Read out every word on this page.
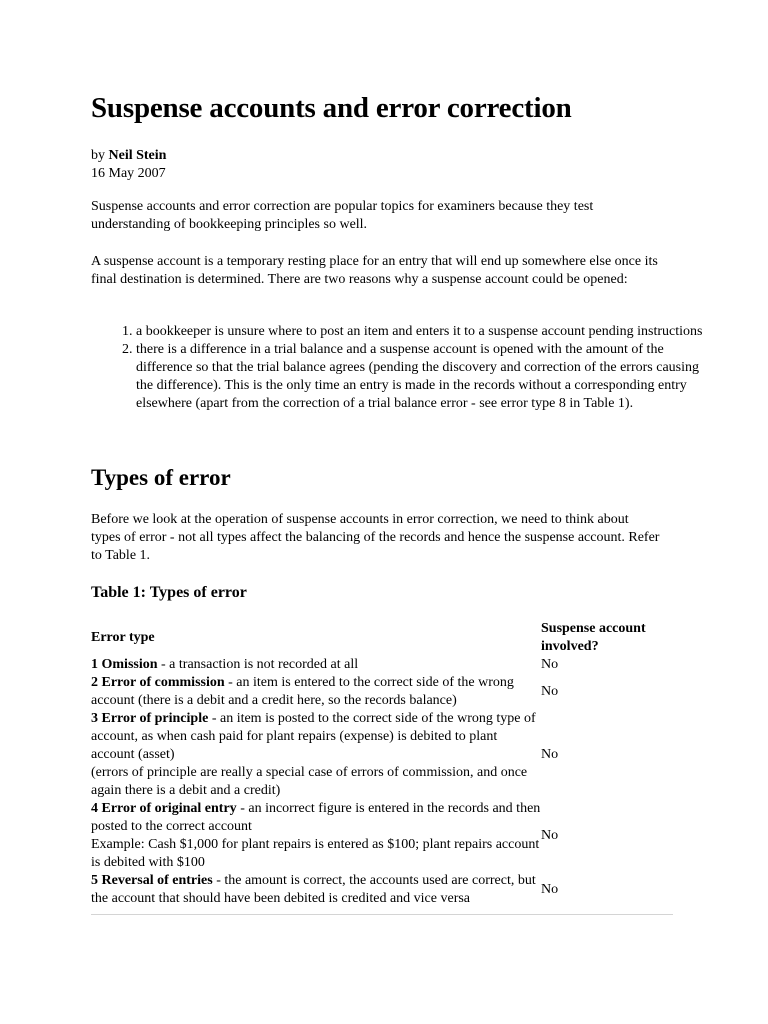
Suspense accounts and error correction
by Neil Stein
16 May 2007

Suspense accounts and error correction are popular topics for examiners because they test understanding of bookkeeping principles so well.

A suspense account is a temporary resting place for an entry that will end up somewhere else once its final destination is determined. There are two reasons why a suspense account could be opened:

1. a bookkeeper is unsure where to post an item and enters it to a suspense account pending instructions
2. there is a difference in a trial balance and a suspense account is opened with the amount of the difference so that the trial balance agrees (pending the discovery and correction of the errors causing the difference). This is the only time an entry is made in the records without a corresponding entry elsewhere (apart from the correction of a trial balance error - see error type 8 in Table 1).
Types of error

Before we look at the operation of suspense accounts in error correction, we need to think about types of error - not all types affect the balancing of the records and hence the suspense account. Refer to Table 1.

Table 1: Types of error
Error type
Suspense account involved?
1 Omission - a transaction is not recorded at all	No
2 Error of commission - an item is entered to the correct side of the wrong account (there is a debit and a credit here, so the records balance)
No
3 Error of principle - an item is posted to the correct side of the wrong type of account, as when cash paid for plant repairs (expense) is debited to plant account (asset)
(errors of principle are really a special case of errors of commission, and once again there is a debit and a credit)
No
4 Error of original entry - an incorrect figure is entered in the records and then posted to the correct account
Example: Cash $1,000 for plant repairs is entered as $100; plant repairs account is debited with $100
No
5 Reversal of entries - the amount is correct, the accounts used are correct, but the account that should have been debited is credited and vice versa
No
